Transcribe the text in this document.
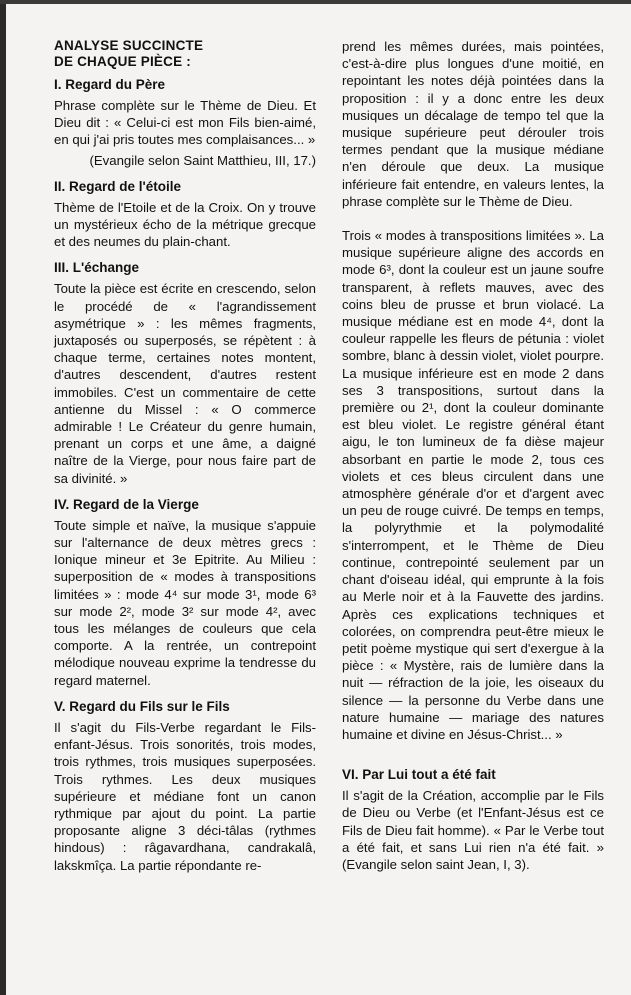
ANALYSE SUCCINCTE
DE CHAQUE PIÈCE :
I. Regard du Père

Phrase complète sur le Thème de Dieu. Et Dieu dit : « Celui-ci est mon Fils bien-aimé, en qui j'ai pris toutes mes complaisances... »

(Evangile selon Saint Matthieu, III, 17.)

II. Regard de l'étoile

Thème de l'Etoile et de la Croix. On y trouve un mystérieux écho de la métrique grecque et des neumes du plain-chant.

III. L'échange

Toute la pièce est écrite en crescendo, selon le procédé de « l'agrandissement asymétrique » : les mêmes fragments, juxtaposés ou superposés, se répètent : à chaque terme, certaines notes montent, d'autres descendent, d'autres restent immobiles. C'est un commentaire de cette antienne du Missel : « O commerce admirable ! Le Créateur du genre humain, prenant un corps et une âme, a daigné naître de la Vierge, pour nous faire part de sa divinité. »

IV. Regard de la Vierge

Toute simple et naïve, la musique s'appuie sur l'alternance de deux mètres grecs : Ionique mineur et 3e Epitrite. Au Milieu : superposition de « modes à transpositions limitées » : mode 4⁴ sur mode 3¹, mode 6³ sur mode 2², mode 3² sur mode 4², avec tous les mélanges de couleurs que cela comporte. A la rentrée, un contrepoint mélodique nouveau exprime la tendresse du regard maternel.

V. Regard du Fils sur le Fils

Il s'agit du Fils-Verbe regardant le Fils-enfant-Jésus. Trois sonorités, trois modes, trois rythmes, trois musiques superposées. Trois rythmes. Les deux musiques supérieure et médiane font un canon rythmique par ajout du point. La partie proposante aligne 3 déci-tâlas (rythmes hindous) : râgavardhana, candrakalâ, lakskmîça. La partie répondante re-

prend les mêmes durées, mais pointées, c'est-à-dire plus longues d'une moitié, en repointant les notes déjà pointées dans la proposition : il y a donc entre les deux musiques un décalage de tempo tel que la musique supérieure peut dérouler trois termes pendant que la musique médiane n'en déroule que deux. La musique inférieure fait entendre, en valeurs lentes, la phrase complète sur le Thème de Dieu.

Trois « modes à transpositions limitées ». La musique supérieure aligne des accords en mode 6³, dont la couleur est un jaune soufre transparent, à reflets mauves, avec des coins bleu de prusse et brun violacé. La musique médiane est en mode 4⁴, dont la couleur rappelle les fleurs de pétunia : violet sombre, blanc à dessin violet, violet pourpre. La musique inférieure est en mode 2 dans ses 3 transpositions, surtout dans la première ou 2¹, dont la couleur dominante est bleu violet. Le registre général étant aigu, le ton lumineux de fa dièse majeur absorbant en partie le mode 2, tous ces violets et ces bleus circulent dans une atmosphère générale d'or et d'argent avec un peu de rouge cuivré. De temps en temps, la polyrythmie et la polymodalité s'interrompent, et le Thème de Dieu continue, contrepointé seulement par un chant d'oiseau idéal, qui emprunte à la fois au Merle noir et à la Fauvette des jardins. Après ces explications techniques et colorées, on comprendra peut-être mieux le petit poème mystique qui sert d'exergue à la pièce : « Mystère, rais de lumière dans la nuit — réfraction de la joie, les oiseaux du silence — la personne du Verbe dans une nature humaine — mariage des natures humaine et divine en Jésus-Christ... »

VI. Par Lui tout a été fait

Il s'agit de la Création, accomplie par le Fils de Dieu ou Verbe (et l'Enfant-Jésus est ce Fils de Dieu fait homme). « Par le Verbe tout a été fait, et sans Lui rien n'a été fait. » (Evangile selon saint Jean, I, 3).
